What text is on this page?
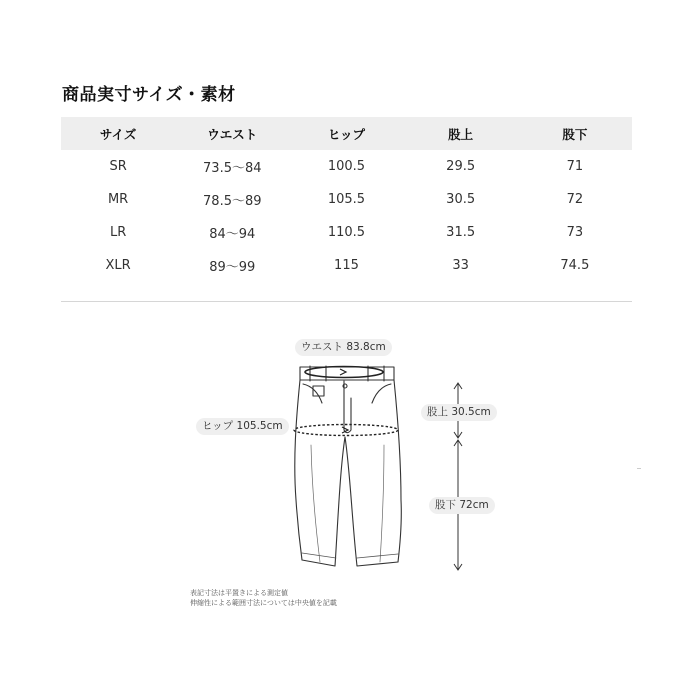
商品実寸サイズ・素材
サイズ	ウエスト	ヒップ	股上	股下
SR	73.5〜84	100.5	29.5	71
MR	78.5〜89	105.5	30.5	72
LR	84〜94	110.5	31.5	73
XLR	89〜99	115	33	74.5
ウエスト 83.8cm
ヒップ 105.5cm
股上 30.5cm
股下 72cm
表記寸法は平置きによる測定値
伸縮性による範囲寸法については中央値を記載
